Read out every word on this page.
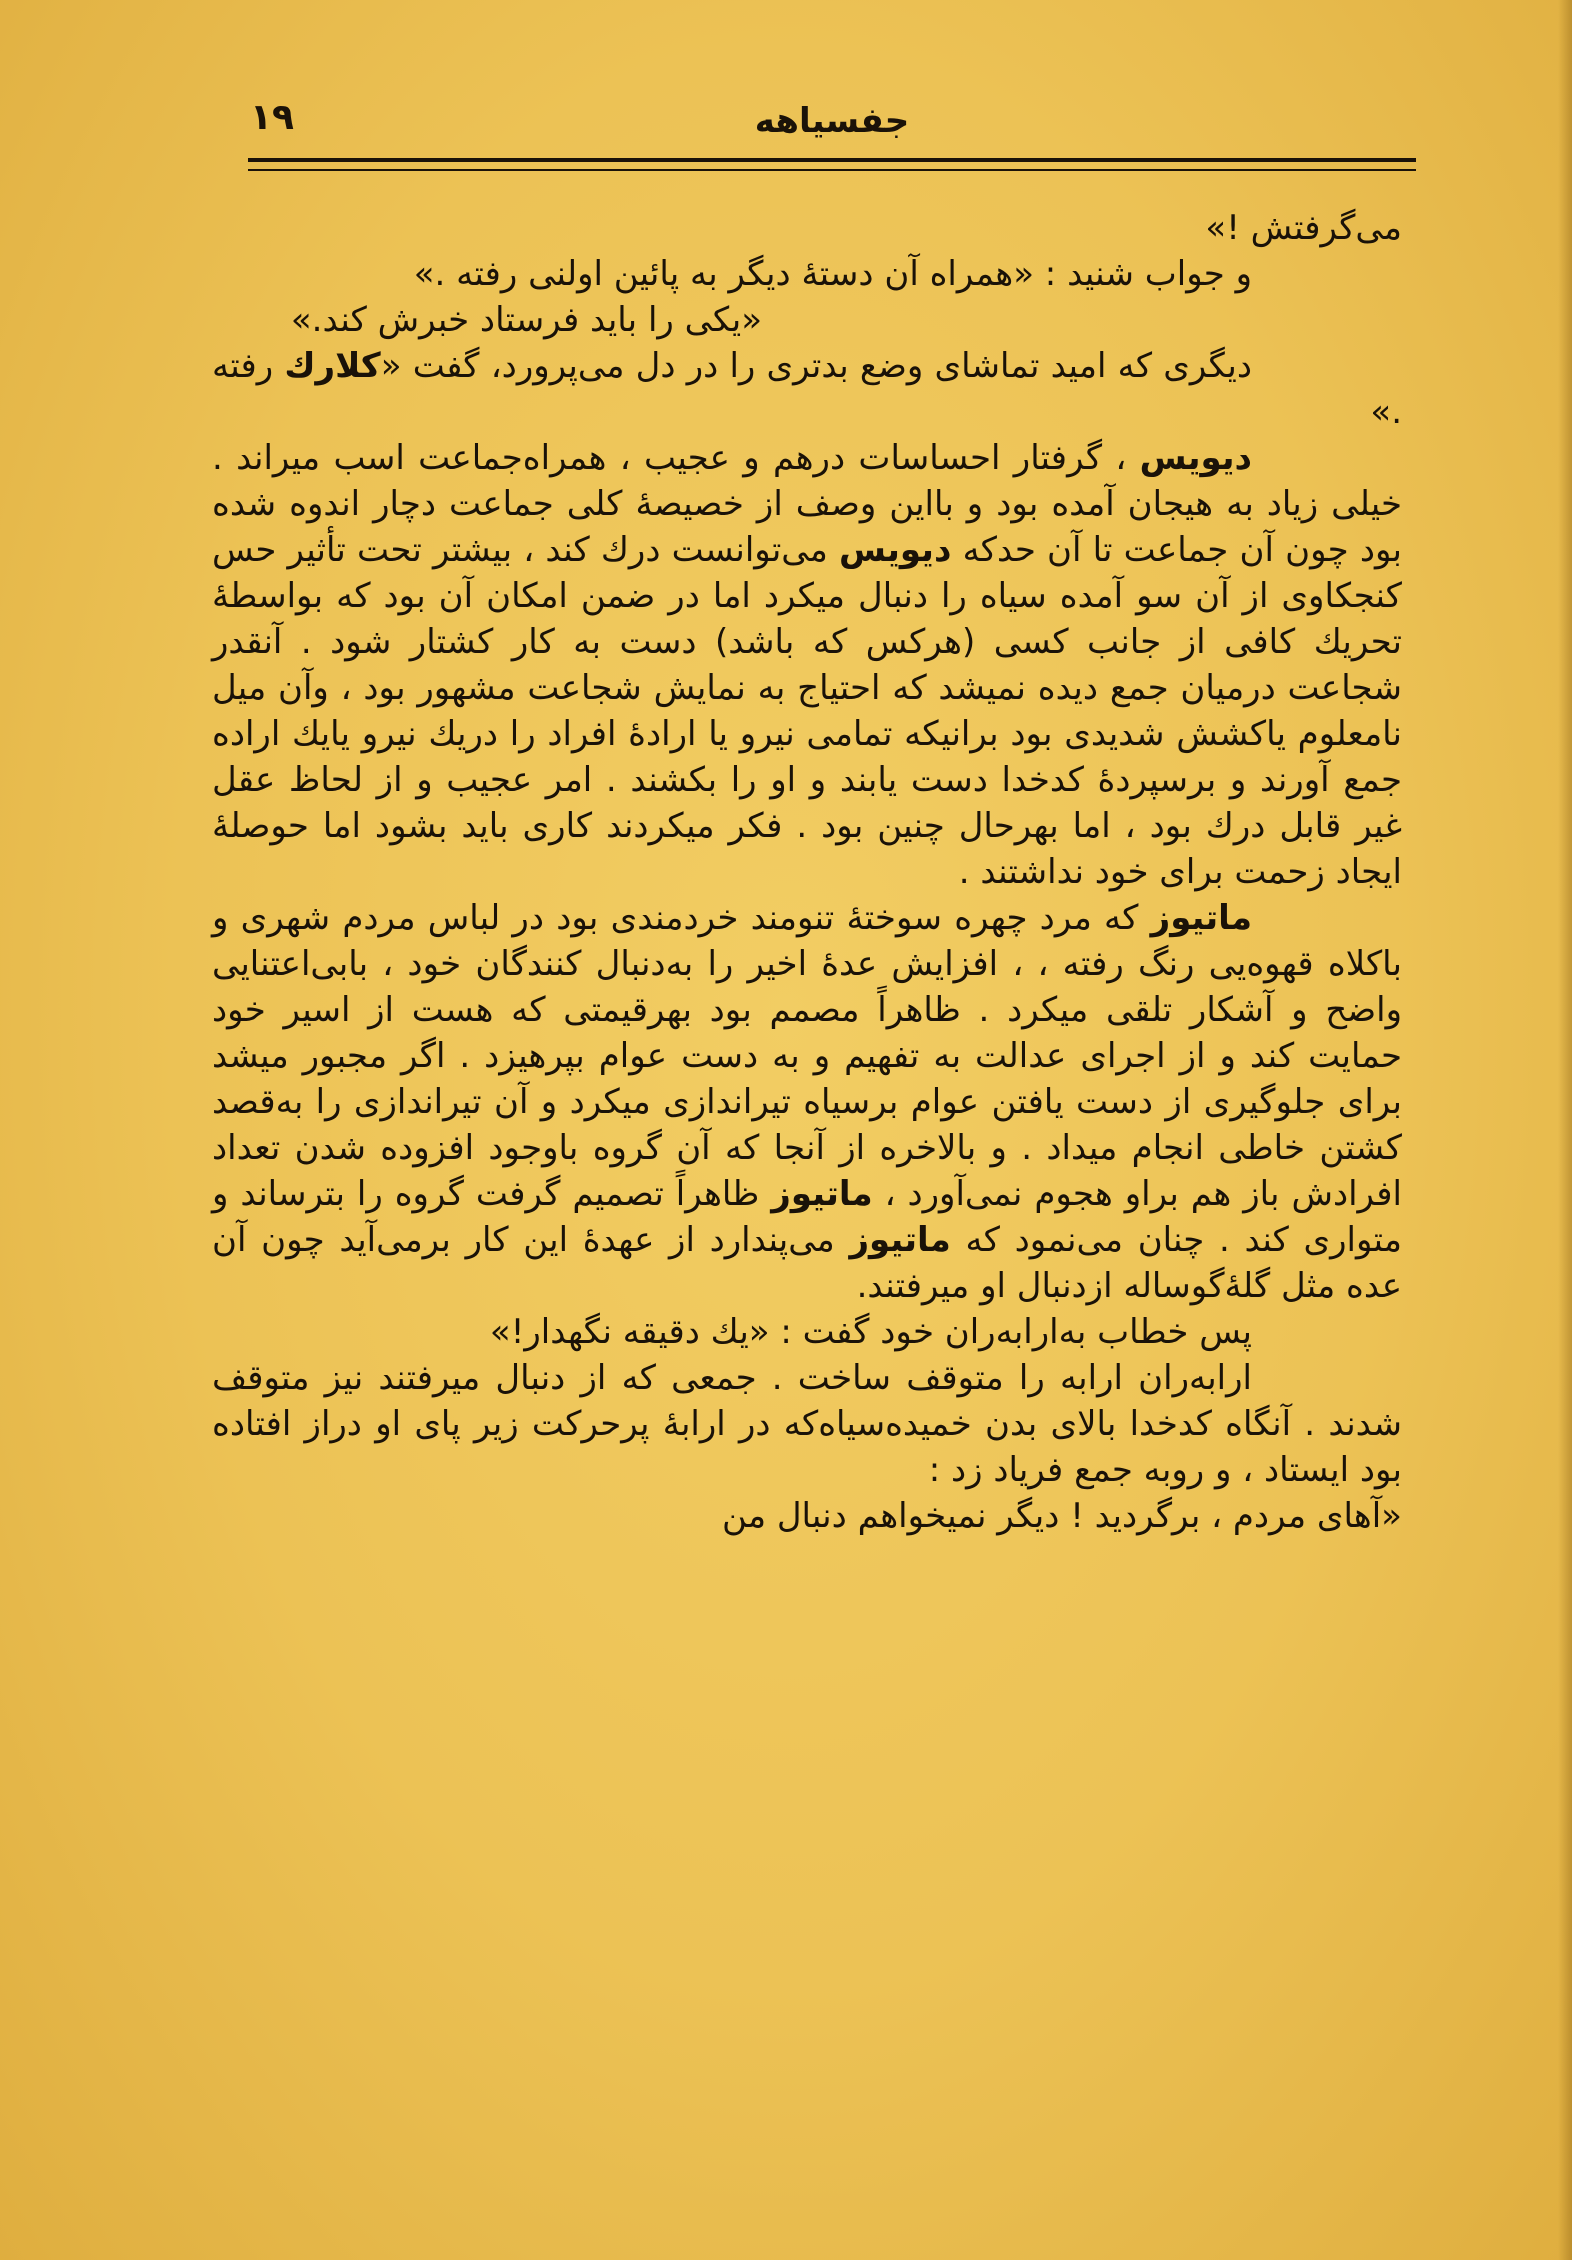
جفسیاهه
۱۹

می‌گرفتش !»

و جواب شنید : «همراه آن دستهٔ دیگر به پائین اولنی رفته .»

«یکی را باید فرستاد خبرش کند.»

دیگری که امید تماشای وضع بدتری را در دل می‌پرورد، گفت «کلارك رفته .»

دیویس ، گرفتار احساسات درهم و عجیب ، همراه‌جماعت اسب میراند . خیلی زیاد به هیجان آمده بود و بااین وصف از خصیصهٔ کلی جماعت دچار اندوه شده بود چون آن جماعت تا آن حدکه دیویس می‌توانست درك کند ، بیشتر تحت تأثیر حس کنجکاوی از آن سو آمده سیاه را دنبال میکرد اما در ضمن امکان آن بود که بواسطهٔ تحریك کافی از جانب کسی (هرکس که باشد) دست به کار کشتار شود . آنقدر شجاعت درمیان جمع دیده نمیشد که احتیاج به نمایش شجاعت مشهور بود ، وآن میل نامعلوم یاکشش شدیدی بود برانیکه تمامی نیرو یا ارادهٔ افراد را دریك نیرو یایك اراده جمع آورند و برسپردهٔ کدخدا دست یابند و او را بکشند . امر عجیب و از لحاظ عقل غیر قابل درك بود ، اما بهرحال چنین بود . فکر میکردند کاری باید بشود اما حوصلهٔ ایجاد زحمت برای خود نداشتند .

ماتیوز که مرد چهره سوختهٔ تنومند خردمندی بود در لباس مردم شهری و باکلاه قهوه‌یی رنگ رفته ، ، افزایش عدهٔ اخیر را به‌دنبال کنندگان خود ، بابی‌اعتنایی واضح و آشکار تلقی میکرد . ظاهراً مصمم بود بهرقیمتی که هست از اسیر خود حمایت کند و از اجرای عدالت به تفهیم و به دست عوام بپرهیزد . اگر مجبور میشد برای جلوگیری از دست یافتن عوام برسیاه تیراندازی میکرد و آن تیراندازی را به‌قصد کشتن خاطی انجام میداد . و بالاخره از آنجا که آن گروه باوجود افزوده شدن تعداد افرادش باز هم براو هجوم نمی‌آورد ، ماتیوز ظاهراً تصمیم گرفت گروه را بترساند و متواری کند . چنان می‌نمود که ماتیوز می‌پندارد از عهدهٔ این کار برمی‌آید چون آن عده مثل گلهٔ‌گوساله ازدنبال او میرفتند.

پس خطاب به‌ارابه‌ران خود گفت : «یك دقیقه نگهدار!»

ارابه‌ران ارابه را متوقف ساخت . جمعی که از دنبال میرفتند نیز متوقف شدند . آنگاه کدخدا بالای بدن خمیده‌سیاه‌که در ارابهٔ پرحرکت زیر پای او دراز افتاده بود ایستاد ، و روبه جمع فریاد زد :

«آهای مردم ، برگردید ! دیگر نمیخواهم دنبال من
